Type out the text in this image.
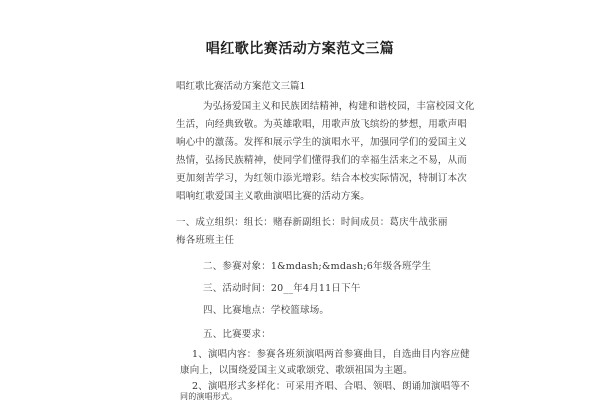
唱红歌比赛活动方案范文三篇
唱红歌比赛活动方案范文三篇1
为弘扬爱国主义和民族团结精神，构建和谐校园，丰富校园文化
生活，向经典致敬。为英雄歌唱，用歌声放飞缤纷的梦想，用歌声唱
响心中的激荡。发挥和展示学生的演唱水平，加强同学们的爱国主义
热情，弘扬民族精神，使同学们懂得我们的幸福生活来之不易，从而
更加刻苦学习，为红领巾添光增彩。结合本校实际情况，特制订本次
唱响红歌爱国主义歌曲演唱比赛的活动方案。
一、成立组织：组长：赌春新副组长：时间成员：葛庆牛战张丽
梅各班班主任
二、参赛对象：1&mdash;&mdash;6年级各班学生
三、活动时间：20__年4月11日下午
四、比赛地点：学校篮球场。
五、比赛要求：
1、演唱内容：参赛各班须演唱两首参赛曲目，自选曲目内容应健
康向上，以围绕爱国主义或歌颂党、歌颂祖国为主题。
2、演唱形式多样化：可采用齐唱、合唱、领唱、朗诵加演唱等不
同的演唱形式。
